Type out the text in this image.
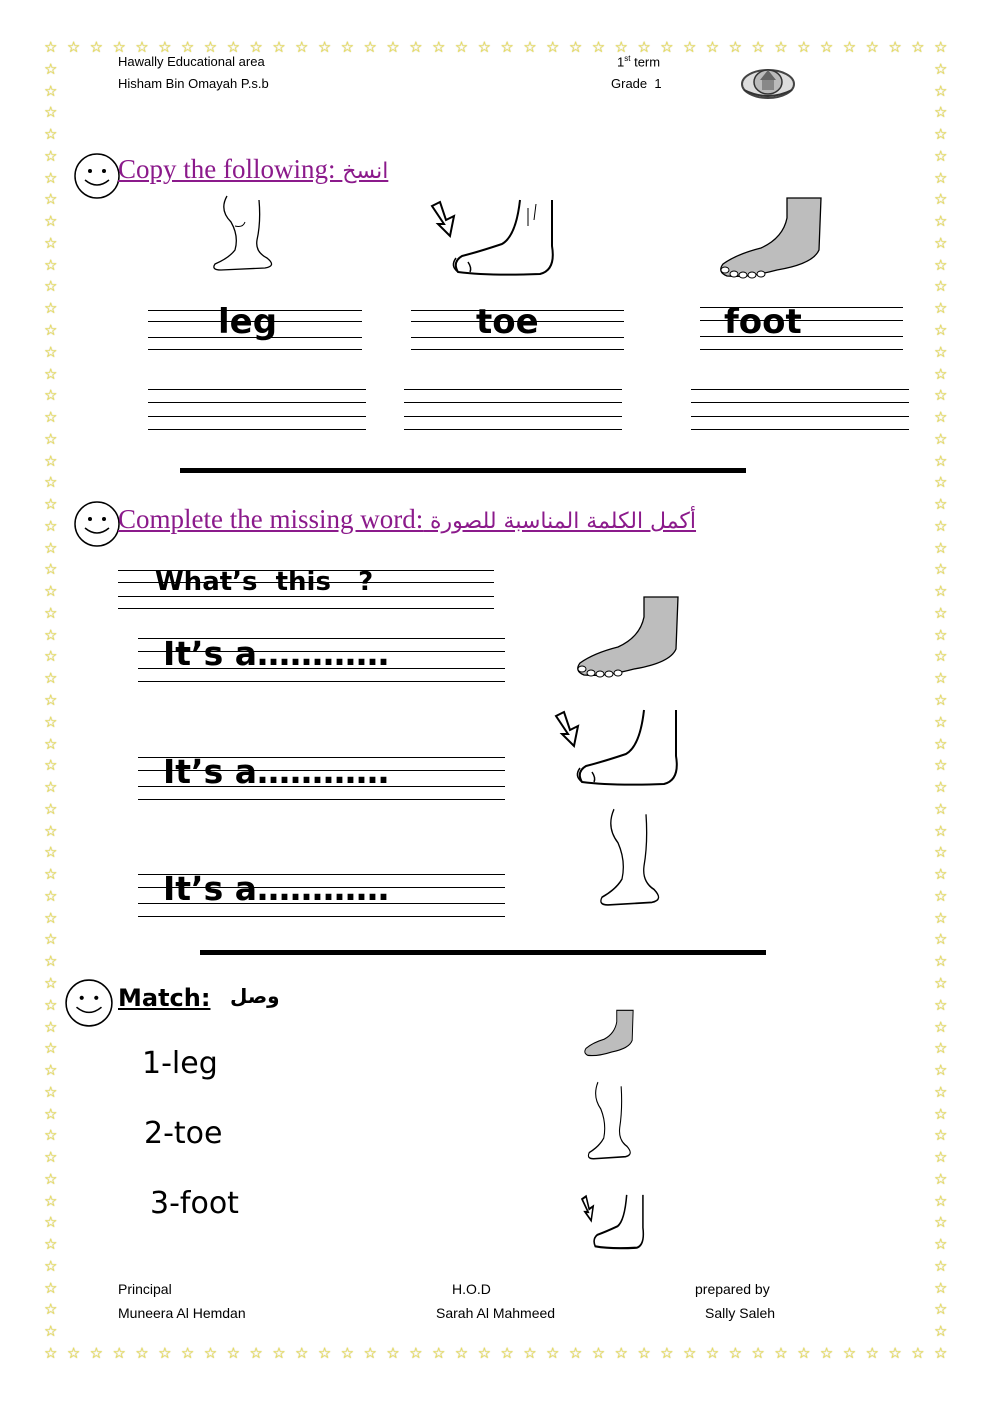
☆
☆
☆
☆
☆
☆
☆
☆
☆
☆
☆
☆
☆
☆
☆
☆
☆
☆
☆
☆
☆
☆
☆
☆
☆
☆
☆
☆
☆
☆
☆
☆
☆
☆
☆
☆
☆
☆
☆
☆
☆
☆
☆
☆
☆
☆
☆
☆
☆
☆
☆
☆
☆
☆
☆
☆
☆
☆
☆
☆
☆
☆
☆
☆
☆
☆
☆
☆
☆
☆
☆
☆
☆
☆
☆
☆
☆
☆
☆
☆
☆	☆
☆	☆
☆	☆
☆	☆
☆	☆
☆	☆
☆	☆
☆	☆
☆	☆
☆	☆
☆	☆
☆	☆
☆	☆
☆	☆
☆	☆
☆	☆
☆	☆
☆	☆
☆	☆
☆	☆
☆	☆
☆	☆
☆	☆
☆	☆
☆	☆
☆	☆
☆	☆
☆	☆
☆	☆
☆	☆
☆	☆
☆	☆
☆	☆
☆	☆
☆	☆
☆	☆
☆	☆
☆	☆
☆	☆
☆	☆
☆	☆
☆	☆
☆	☆
☆	☆
☆	☆
☆	☆
☆	☆
☆	☆
☆	☆
☆	☆
☆	☆
☆	☆
☆	☆
☆	☆
☆	☆
☆	☆
☆	☆
☆	☆
☆	☆
Hawally Educational area
Hisham Bin Omayah P.s.b
1st term
Grade  1
Copy the following: انسخ
leg	toe	foot
Complete the missing word: أكمل الكلمة المناسبة للصورة
What’s  this   ?
It’s a…………
It’s a…………
It’s a…………
Match: وصل
1-leg
2-toe
3-foot
Principal
Muneera Al Hemdan
H.O.D
Sarah Al Mahmeed
prepared by
Sally Saleh
